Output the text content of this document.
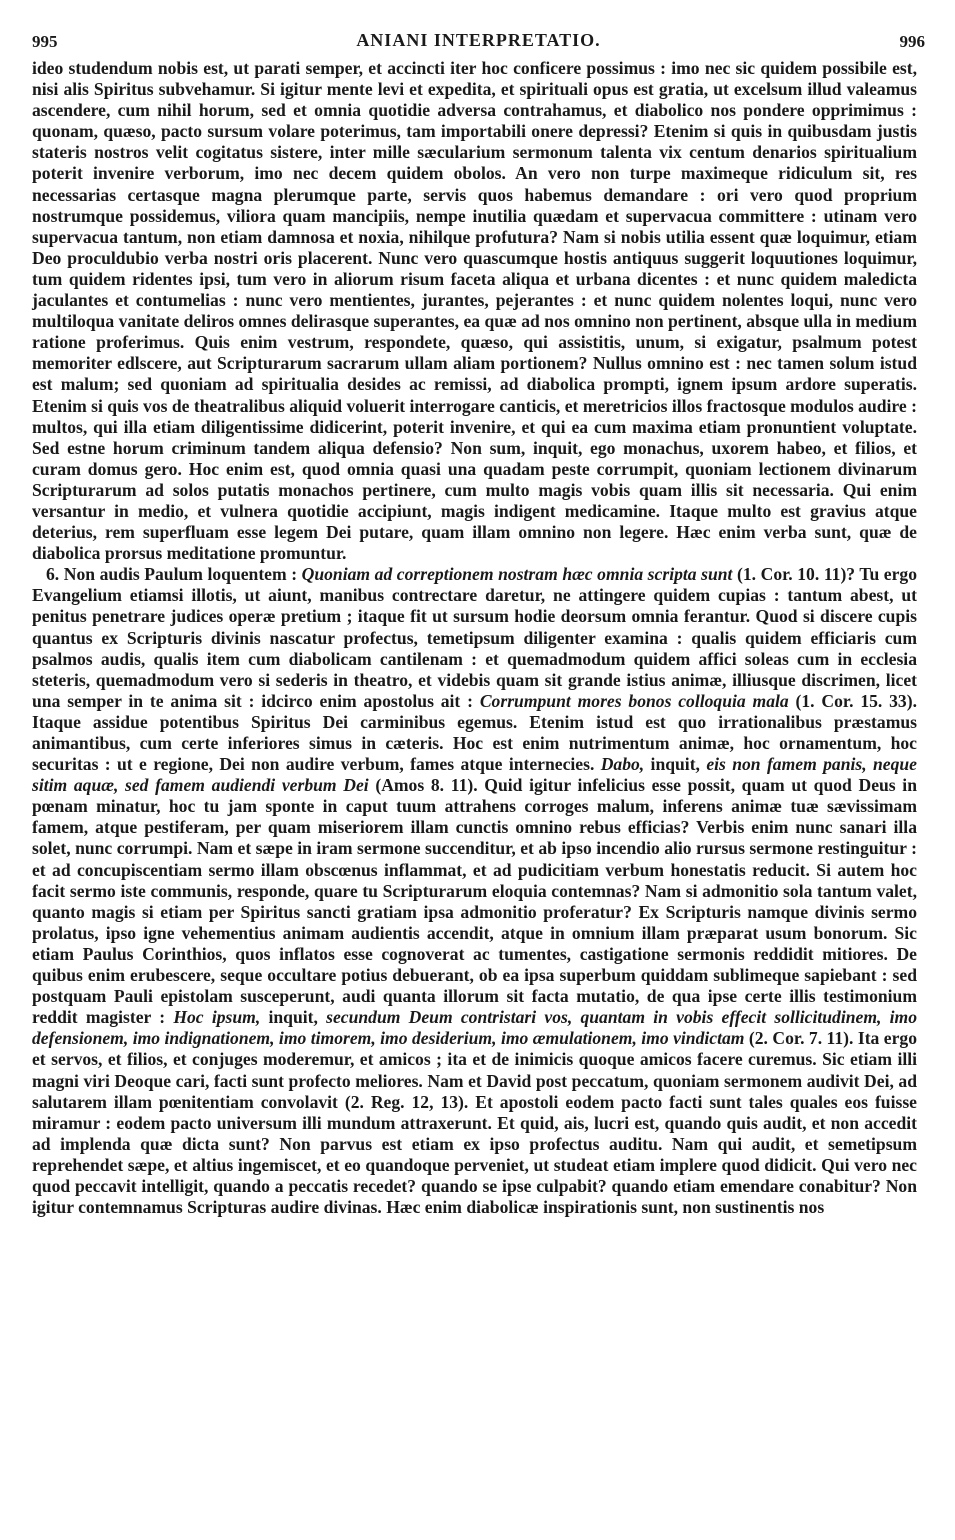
995	ANIANI INTERPRETATIO.	996

ideo studendum nobis est, ut parati semper, et accincti iter hoc conficere possimus : imo nec sic quidem possibile est, nisi alis Spiritus subvehamur. Si igitur mente levi et expedita, et spirituali opus est gratia, ut excelsum illud valeamus ascendere, cum nihil horum, sed et omnia quotidie adversa contrahamus, et diabolico nos pondere opprimimus : quonam, quæso, pacto sursum volare poterimus, tam importabili onere depressi? Etenim si quis in quibusdam justis stateris nostros velit cogitatus sistere, inter mille sæcularium sermonum talenta vix centum denarios spiritualium poterit invenire verborum, imo nec decem quidem obolos. An vero non turpe maximeque ridiculum sit, res necessarias certasque magna plerumque parte, servis quos habemus demandare : ori vero quod proprium nostrumque possidemus, viliora quam mancipiis, nempe inutilia quædam et supervacua committere : utinam vero supervacua tantum, non etiam damnosa et noxia, nihilque profutura? Nam si nobis utilia essent quæ loquimur, etiam Deo proculdubio verba nostri oris placerent. Nunc vero quascumque hostis antiquus suggerit loquutiones loquimur, tum quidem ridentes ipsi, tum vero in aliorum risum faceta aliqua et urbana dicentes : et nunc quidem maledicta jaculantes et contumelias : nunc vero mentientes, jurantes, pejerantes : et nunc quidem nolentes loqui, nunc vero multiloqua vanitate deliros omnes delirasque superantes, ea quæ ad nos omnino non pertinent, absque ulla in medium ratione proferimus. Quis enim vestrum, respondete, quæso, qui assistitis, unum, si exigatur, psalmum potest memoriter edlscere, aut Scripturarum sacrarum ullam aliam portionem? Nullus omnino est : nec tamen solum istud est malum; sed quoniam ad spiritualia desides ac remissi, ad diabolica prompti, ignem ipsum ardore superatis. Etenim si quis vos de theatralibus aliquid voluerit interrogare canticis, et meretricios illos fractosque modulos audire : multos, qui illa etiam diligentissime didicerint, poterit invenire, et qui ea cum maxima etiam pronuntient voluptate. Sed estne horum criminum tandem aliqua defensio? Non sum, inquit, ego monachus, uxorem habeo, et filios, et curam domus gero. Hoc enim est, quod omnia quasi una quadam peste corrumpit, quoniam lectionem divinarum Scripturarum ad solos putatis monachos pertinere, cum multo magis vobis quam illis sit necessaria. Qui enim versantur in medio, et vulnera quotidie accipiunt, magis indigent medicamine. Itaque multo est gravius atque deterius, rem superfluam esse legem Dei putare, quam illam omnino non legere. Hæc enim verba sunt, quæ de diabolica prorsus meditatione promuntur.

6. Non audis Paulum loquentem : Quoniam ad correptionem nostram hæc omnia scripta sunt (1. Cor. 10. 11)? Tu ergo Evangelium etiamsi illotis, ut aiunt, manibus contrectare daretur, ne attingere quidem cupias : tantum abest, ut penitus penetrare judices operæ pretium ; itaque fit ut sursum hodie deorsum omnia ferantur. Quod si discere cupis quantus ex Scripturis divinis nascatur profectus, temetipsum diligenter examina : qualis quidem efficiaris cum psalmos audis, qualis item cum diabolicam cantilenam : et quemadmodum quidem affici soleas cum in ecclesia steteris, quemadmodum vero si sederis in theatro, et videbis quam sit grande istius animæ, illiusque discrimen, licet una semper in te anima sit : idcirco enim apostolus ait : Corrumpunt mores bonos colloquia mala (1. Cor. 15. 33). Itaque assidue potentibus Spiritus Dei carminibus egemus. Etenim istud est quo irrationalibus præstamus animantibus, cum certe inferiores simus in cæteris. Hoc est enim nutrimentum animæ, hoc ornamentum, hoc securitas : ut e regione, Dei non audire verbum, fames atque internecies. Dabo, inquit, eis non famem panis, neque sitim aquæ, sed famem audiendi verbum Dei (Amos 8. 11). Quid igitur infelicius esse possit, quam ut quod Deus in pœnam minatur, hoc tu jam sponte in caput tuum attrahens corroges malum, inferens animæ tuæ sævissimam famem, atque pestiferam, per quam miseriorem illam cunctis omnino rebus efficias? Verbis enim nunc sanari illa solet, nunc corrumpi. Nam et sæpe in iram sermone succenditur, et ab ipso incendio alio rursus sermone restinguitur : et ad concupiscentiam sermo illam obscœnus inflammat, et ad pudicitiam verbum honestatis reducit. Si autem hoc facit sermo iste communis, responde, quare tu Scripturarum eloquia contemnas? Nam si admonitio sola tantum valet, quanto magis si etiam per Spiritus sancti gratiam ipsa admonitio proferatur? Ex Scripturis namque divinis sermo prolatus, ipso igne vehementius animam audientis accendit, atque in omnium illam præparat usum bonorum. Sic etiam Paulus Corinthios, quos inflatos esse cognoverat ac tumentes, castigatione sermonis reddidit mitiores. De quibus enim erubescere, seque occultare potius debuerant, ob ea ipsa superbum quiddam sublimeque sapiebant : sed postquam Pauli epistolam susceperunt, audi quanta illorum sit facta mutatio, de qua ipse certe illis testimonium reddit magister : Hoc ipsum, inquit, secundum Deum contristari vos, quantam in vobis effecit sollicitudinem, imo defensionem, imo indignationem, imo timorem, imo desiderium, imo æmulationem, imo vindictam (2. Cor. 7. 11). Ita ergo et servos, et filios, et conjuges moderemur, et amicos ; ita et de inimicis quoque amicos facere curemus. Sic etiam illi magni viri Deoque cari, facti sunt profecto meliores. Nam et David post peccatum, quoniam sermonem audivit Dei, ad salutarem illam pœnitentiam convolavit (2. Reg. 12, 13). Et apostoli eodem pacto facti sunt tales quales eos fuisse miramur : eodem pacto universum illi mundum attraxerunt. Et quid, ais, lucri est, quando quis audit, et non accedit ad implenda quæ dicta sunt? Non parvus est etiam ex ipso profectus auditu. Nam qui audit, et semetipsum reprehendet sæpe, et altius ingemiscet, et eo quandoque perveniet, ut studeat etiam implere quod didicit. Qui vero nec quod peccavit intelligit, quando a peccatis recedet? quando se ipse culpabit? quando etiam emendare conabitur? Non igitur contemnamus Scripturas audire divinas. Hæc enim diabolicæ inspirationis sunt, non sustinentis nos
